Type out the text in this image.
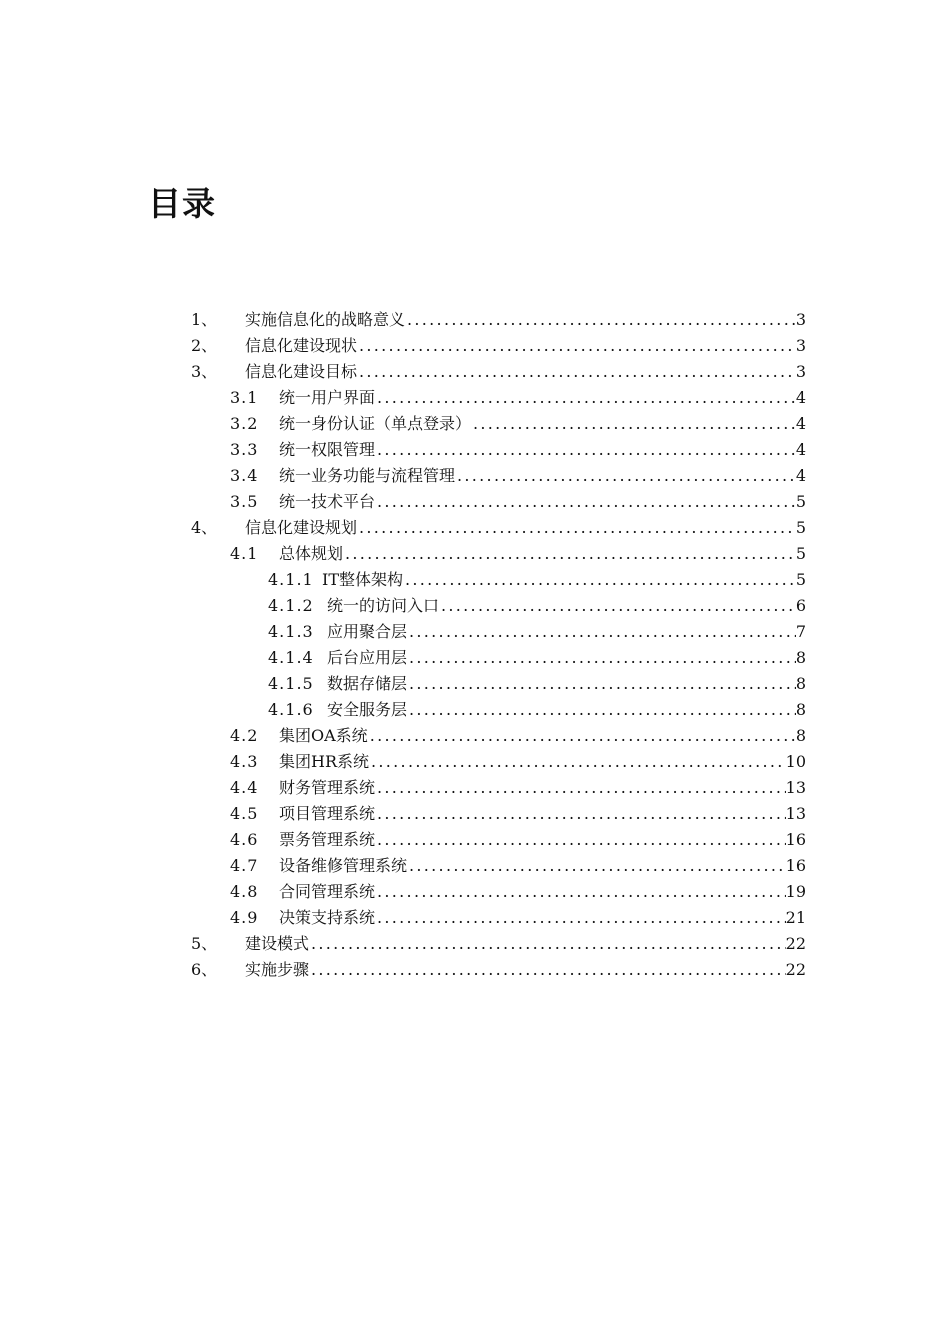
目录
1、 实施信息化的战略意义 .....	3
2、 信息化建设现状 .....	3
3、 信息化建设目标 .....	3
3.1 统一用户界面 .....	4
3.2 统一身份认证（单点登录） .....	4
3.3 统一权限管理 .....	4
3.4 统一业务功能与流程管理 .....	4
3.5 统一技术平台 .....	5
4、 信息化建设规划 .....	5
4.1 总体规划 .....	5
4.1.1 IT整体架构 .....	5
4.1.2 统一的访问入口 .....	6
4.1.3 应用聚合层 .....	7
4.1.4 后台应用层 .....	8
4.1.5 数据存储层 .....	8
4.1.6 安全服务层 .....	8
4.2 集团OA系统 .....	8
4.3 集团HR系统 .....	10
4.4 财务管理系统 .....	13
4.5 项目管理系统 .....	13
4.6 票务管理系统 .....	16
4.7 设备维修管理系统 .....	16
4.8 合同管理系统 .....	19
4.9 决策支持系统 .....	21
5、 建设模式 .....	22
6、 实施步骤 .....	22
